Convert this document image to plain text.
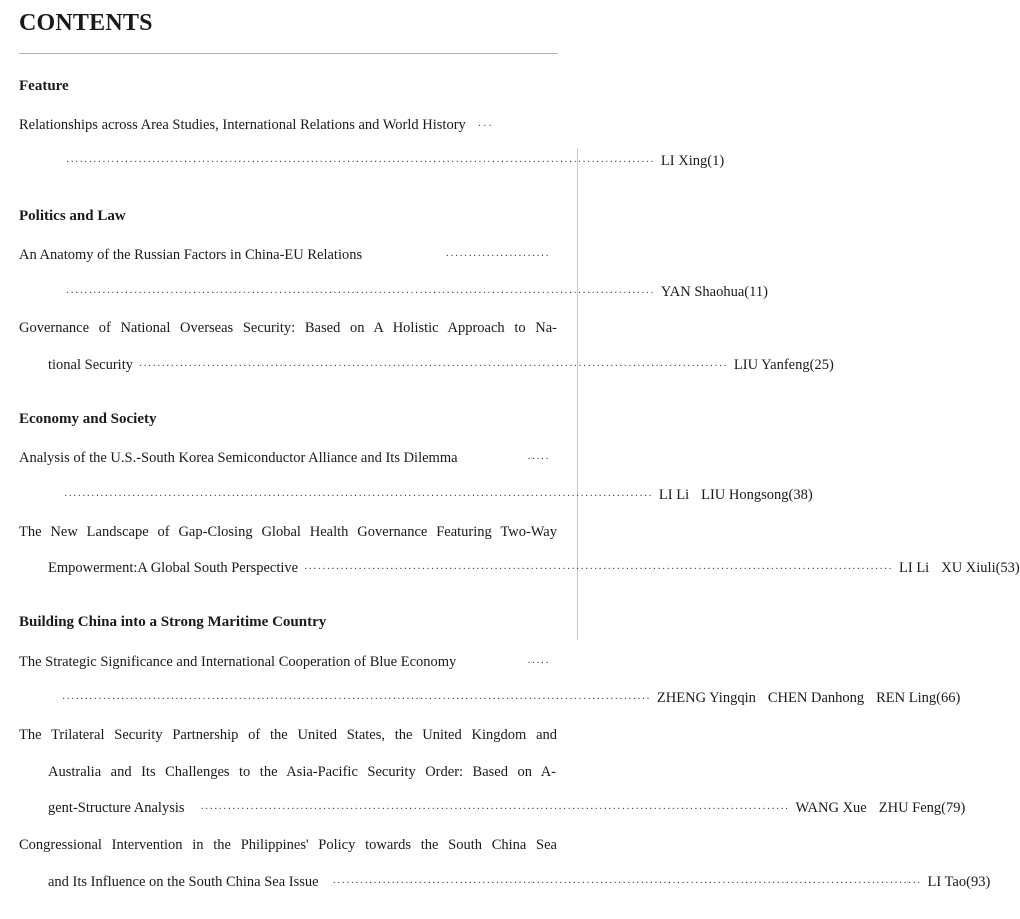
CONTENTS
Feature
Relationships across Area Studies, International Relations and World History ···
·································································································································· LI Xing(1)
Politics and Law
An Anatomy of the Russian Factors in China-EU Relations	·······················
·································································································································· YAN Shaohua(11)
Governance of National Overseas Security: Based on A Holistic Approach to Na-
tional Security ·································································································································· LIU Yanfeng(25)
Economy and Society
Analysis of the U.S.-South Korea Semiconductor Alliance and Its Dilemma	·····
·································································································································· LI Li LIU Hongsong(38)
The New Landscape of Gap-Closing Global Health Governance Featuring Two-Way
Empowerment:A Global South Perspective ·································································································································· LI Li XU Xiuli(53)
Building China into a Strong Maritime Country
The Strategic Significance and International Cooperation of Blue Economy	·····
·································································································································· ZHENG Yingqin CHEN Danhong REN Ling(66)
The Trilateral Security Partnership of the United States, the United Kingdom and
Australia and Its Challenges to the Asia-Pacific Security Order: Based on A-
gent-Structure Analysis ·································································································································· WANG Xue ZHU Feng(79)
Congressional Intervention in the Philippines' Policy towards the South China Sea
and Its Influence on the South China Sea Issue ·································································································································· LI Tao(93)
